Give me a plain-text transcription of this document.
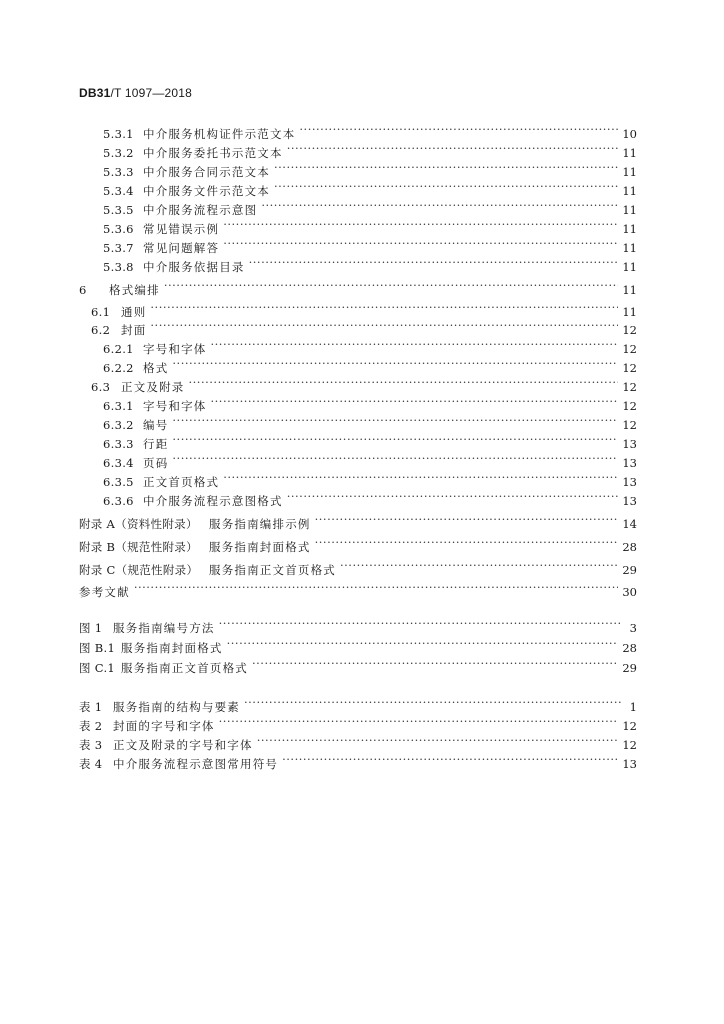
DB31/T 1097—2018
5.3.1 中介服务机构证件示范文本 ·····	10
5.3.2 中介服务委托书示范文本 ·····	11
5.3.3 中介服务合同示范文本 ·····	11
5.3.4 中介服务文件示范文本 ·····	11
5.3.5 中介服务流程示意图 ·····	11
5.3.6 常见错误示例 ·····	11
5.3.7 常见问题解答 ·····	11
5.3.8 中介服务依据目录 ·····	11
6	格式编排 ·····	11
6.1 通则 ·····	11
6.2 封面 ·····	12
6.2.1 字号和字体 ·····	12
6.2.2 格式 ·····	12
6.3 正文及附录 ·····	12
6.3.1 字号和字体 ·····	12
6.3.2 编号 ·····	12
6.3.3 行距 ·····	13
6.3.4 页码 ·····	13
6.3.5 正文首页格式 ·····	13
6.3.6 中介服务流程示意图格式 ·····	13
附录 A（资料性附录） 服务指南编排示例 ·····	14
附录 B（规范性附录） 服务指南封面格式 ·····	28
附录 C（规范性附录） 服务指南正文首页格式 ·····	29
参考文献 ·····	30
图 1 服务指南编号方法 ·····	3
图 B.1 服务指南封面格式 ·····	28
图 C.1 服务指南正文首页格式 ·····	29
表 1 服务指南的结构与要素 ·····	1
表 2 封面的字号和字体 ·····	12
表 3 正文及附录的字号和字体 ·····	12
表 4 中介服务流程示意图常用符号 ·····	13
